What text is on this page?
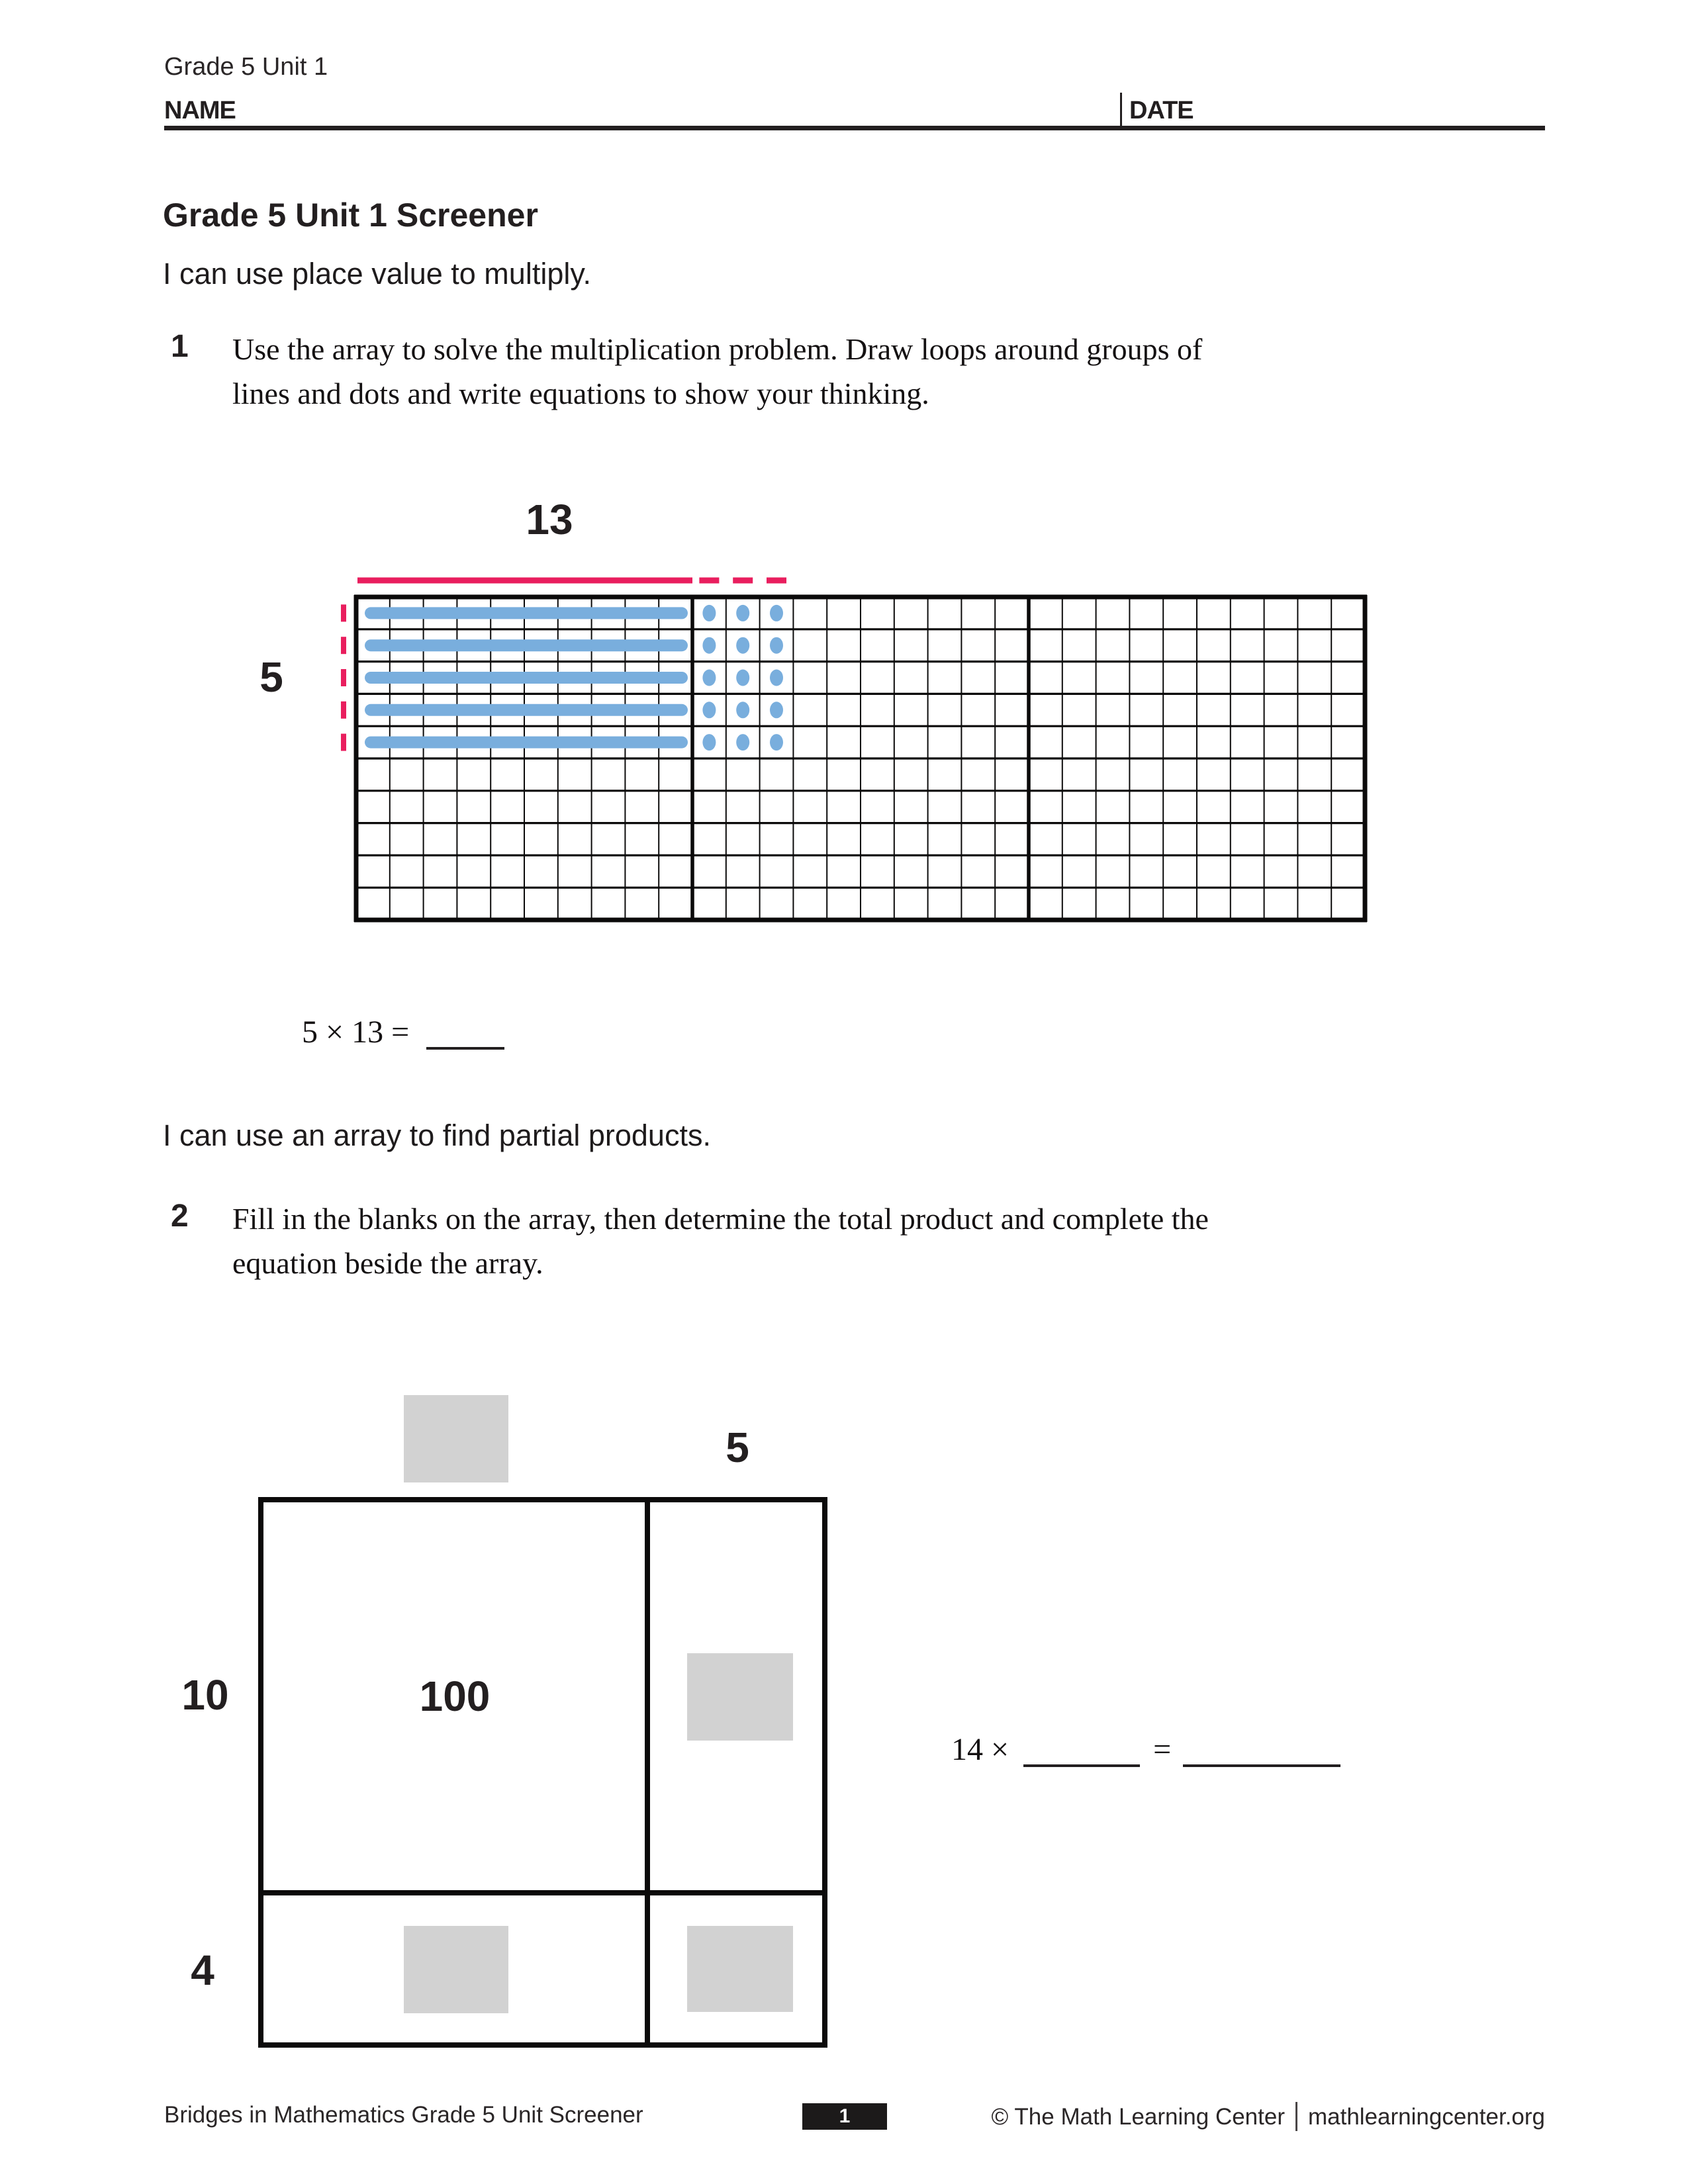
Grade 5 Unit 1
NAME	DATE
Grade 5 Unit 1 Screener
I can use place value to multiply.
1 Use the array to solve the multiplication problem. Draw loops around groups of
lines and dots and write equations to show your thinking.
13
5
5 × 13 =
I can use an array to find partial products.
2 Fill in the blanks on the array, then determine the total product and complete the
equation beside the array.
5
10
4
100
14 ×	=
Bridges in Mathematics Grade 5 Unit Screener	1	© The Math Learning Center mathlearningcenter.org
